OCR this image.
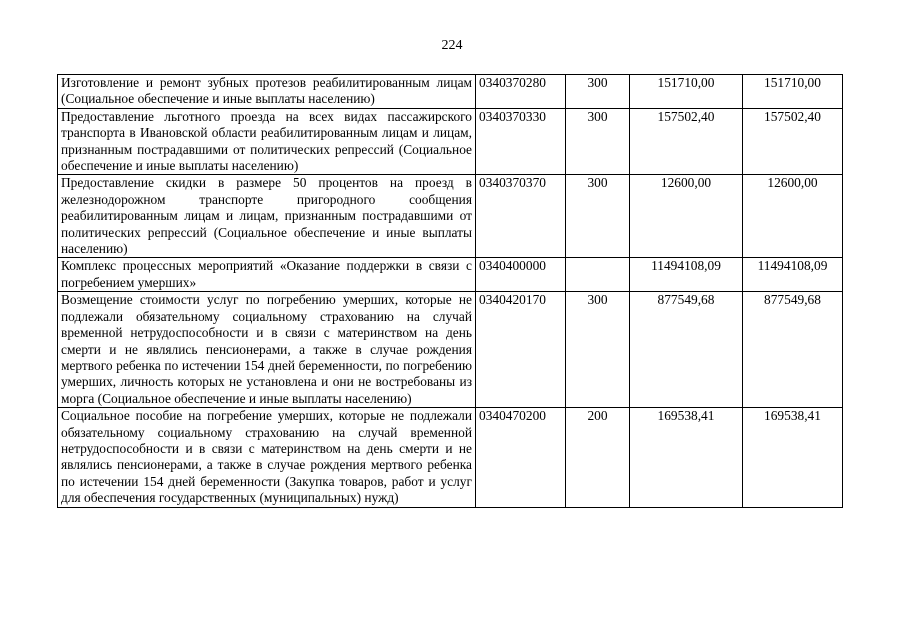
224
Изготовление и ремонт зубных протезов реабилитированным лицам (Социальное обеспечение и иные выплаты населению)	0340370280	300	151710,00	151710,00
Предоставление льготного проезда на всех видах пассажирского транспорта в Ивановской области реабилитированным лицам и лицам, признанным пострадавшими от политических репрессий (Социальное обеспечение и иные выплаты населению)	0340370330	300	157502,40	157502,40
Предоставление скидки в размере 50 процентов на проезд в железнодорожном транспорте пригородного сообщения реабилитированным лицам и лицам, признанным пострадавшими от политических репрессий (Социальное обеспечение и иные выплаты населению)	0340370370	300	12600,00	12600,00
Комплекс процессных мероприятий «Оказание поддержки в связи с погребением умерших»	0340400000		11494108,09	11494108,09
Возмещение стоимости услуг по погребению умерших, которые не подлежали обязательному социальному страхованию на случай временной нетрудоспособности и в связи с материнством на день смерти и не являлись пенсионерами, а также в случае рождения мертвого ребенка по истечении 154 дней беременности, по погребению умерших, личность которых не установлена и они не востребованы из морга (Социальное обеспечение и иные выплаты населению)	0340420170	300	877549,68	877549,68
Социальное пособие на погребение умерших, которые не подлежали обязательному социальному страхованию на случай временной нетрудоспособности и в связи с материнством на день смерти и не являлись пенсионерами, а также в случае рождения мертвого ребенка по истечении 154 дней беременности (Закупка товаров, работ и услуг для обеспечения государственных (муниципальных) нужд)	0340470200	200	169538,41	169538,41
